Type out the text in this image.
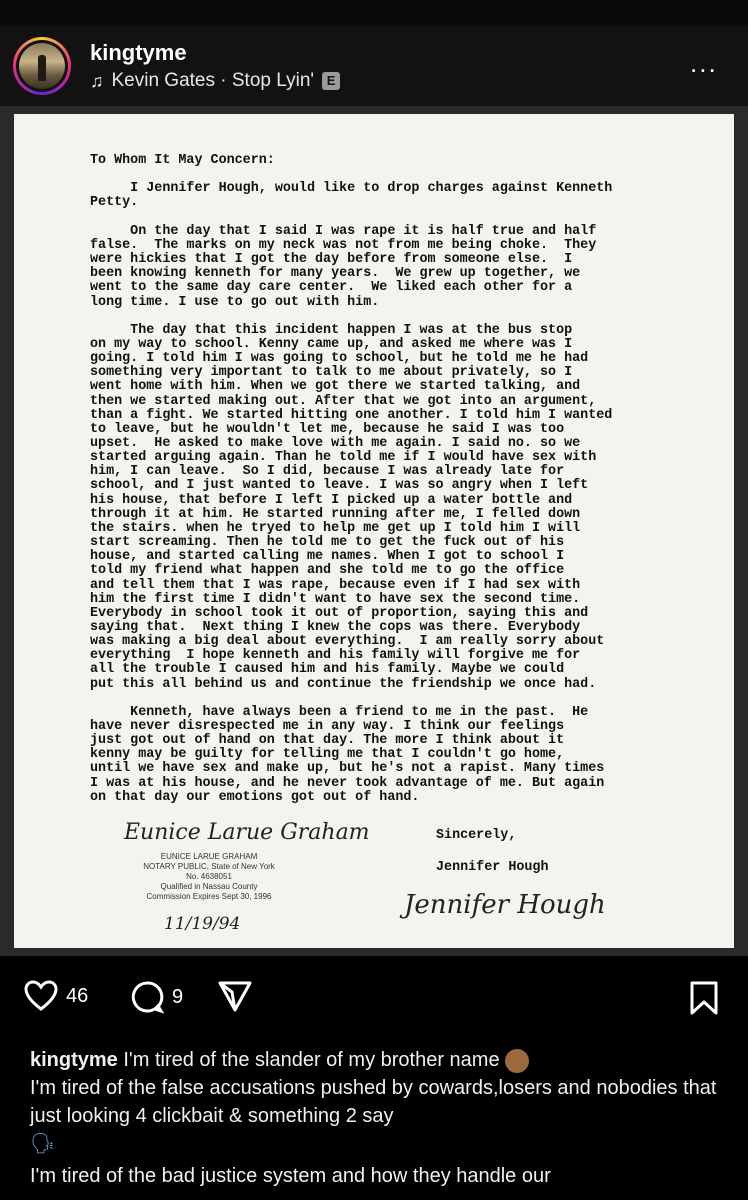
kingtyme
♫ Kevin Gates · Stop Lyin' E
...
To Whom It May Concern:
I Jennifer Hough, would like to drop charges against Kenneth
Petty.
On the day that I said I was rape it is half true and half
false.  The marks on my neck was not from me being choke.  They
were hickies that I got the day before from someone else.  I
been knowing kenneth for many years.  We grew up together, we
went to the same day care center.  We liked each other for a
long time. I use to go out with him.
The day that this incident happen I was at the bus stop
on my way to school. Kenny came up, and asked me where was I
going. I told him I was going to school, but he told me he had
something very important to talk to me about privately, so I
went home with him. When we got there we started talking, and
then we started making out. After that we got into an argument,
than a fight. We started hitting one another. I told him I wanted
to leave, but he wouldn't let me, because he said I was too
upset.  He asked to make love with me again. I said no. so we
started arguing again. Than he told me if I would have sex with
him, I can leave.  So I did, because I was already late for
school, and I just wanted to leave. I was so angry when I left
his house, that before I left I picked up a water bottle and
through it at him. He started running after me, I felled down
the stairs. when he tryed to help me get up I told him I will
start screaming. Then he told me to get the fuck out of his
house, and started calling me names. When I got to school I
told my friend what happen and she told me to go the office
and tell them that I was rape, because even if I had sex with
him the first time I didn't want to have sex the second time.
Everybody in school took it out of proportion, saying this and
saying that.  Next thing I knew the cops was there. Everybody
was making a big deal about everything.  I am really sorry about
everything  I hope kenneth and his family will forgive me for
all the trouble I caused him and his family. Maybe we could
put this all behind us and continue the friendship we once had.
Kenneth, have always been a friend to me in the past.  He
have never disrespected me in any way. I think our feelings
just got out of hand on that day. The more I think about it
kenny may be guilty for telling me that I couldn't go home,
until we have sex and make up, but he's not a rapist. Many times
I was at his house, and he never took advantage of me. But again
on that day our emotions got out of hand.
Eunice Larue Graham
EUNICE LARUE GRAHAM
NOTARY PUBLIC, State of New York
No. 4638051
Qualified in Nassau County
Commission Expires Sept 30, 1996
11/19/94
Sincerely,
Jennifer Hough
Jennifer Hough
46	9
kingtyme I'm tired of the slander of my brother name
I'm tired of the false accusations pushed by cowards,losers and nobodies that just looking 4 clickbait & something 2 say
🗣
I'm tired of the bad justice system and how they handle our
